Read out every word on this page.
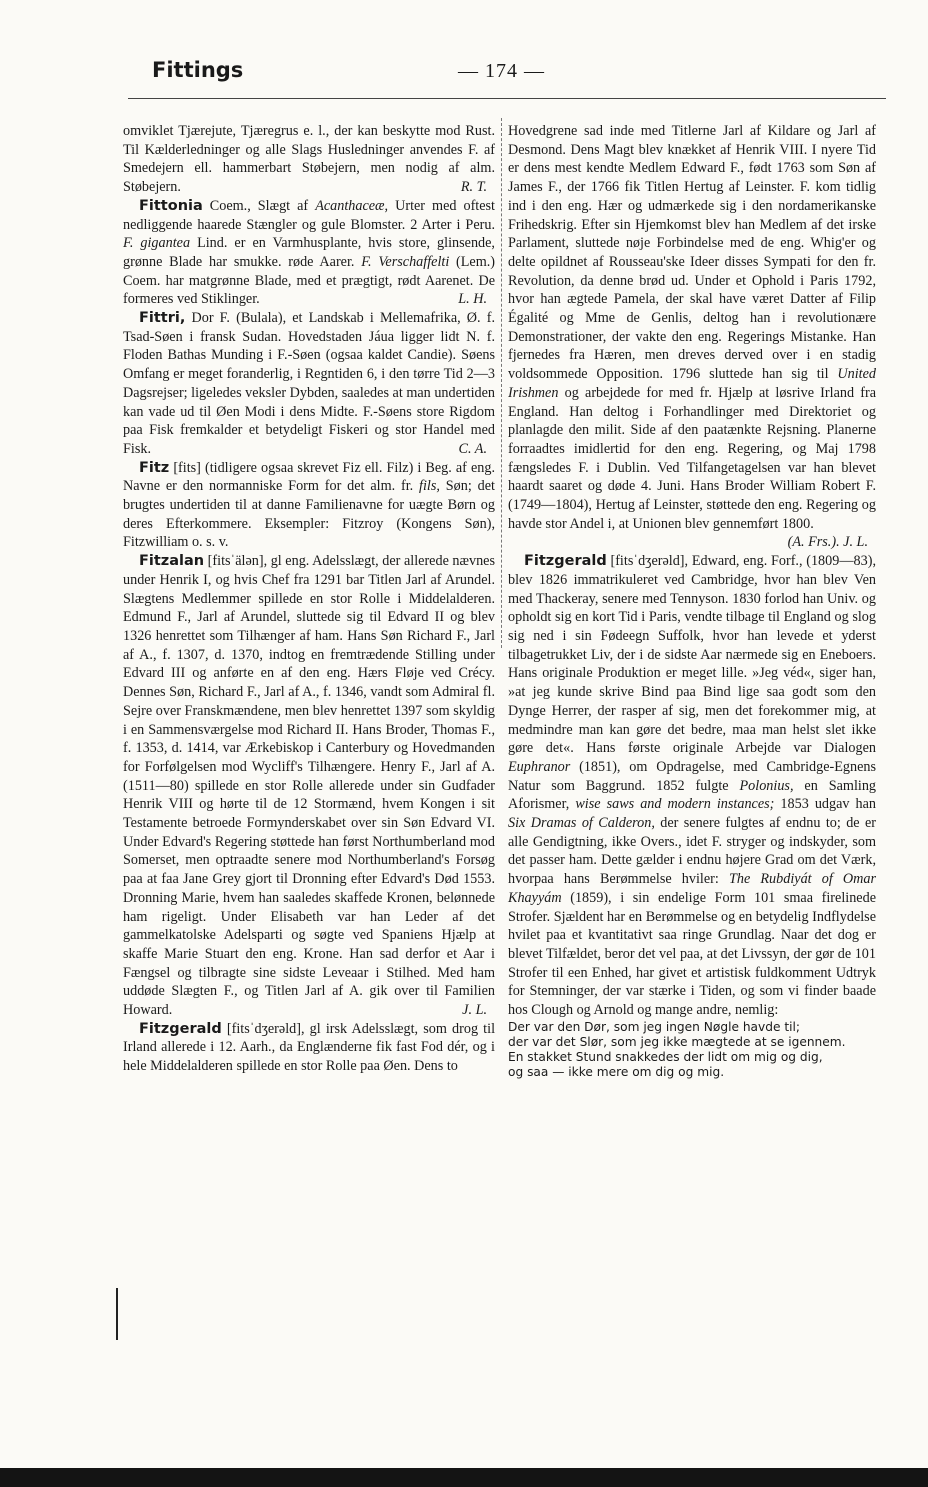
Fittings	— 174 —

omviklet Tjærejute, Tjæregrus e. l., der kan beskytte mod Rust. Til Kælderledninger og alle Slags Husledninger anvendes F. af Smedejern ell. hammerbart Støbejern, men nodig af alm. Støbejern.	R. T.

Fittonia Coem., Slægt af Acanthaceæ, Urter med oftest nedliggende haarede Stængler og gule Blomster. 2 Arter i Peru. F. gigantea Lind. er en Varmhusplante, hvis store, glinsende, grønne Blade har smukke. røde Aarer. F. Verschaffelti (Lem.) Coem. har matgrønne Blade, med et prægtigt, rødt Aarenet. De formeres ved Stiklinger.	L. H.

Fittri, Dor F. (Bulala), et Landskab i Mellemafrika, Ø. f. Tsad-Søen i fransk Sudan. Hovedstaden Jáua ligger lidt N. f. Floden Bathas Munding i F.-Søen (ogsaa kaldet Candie). Søens Omfang er meget foranderlig, i Regntiden 6, i den tørre Tid 2—3 Dagsrejser; ligeledes veksler Dybden, saaledes at man undertiden kan vade ud til Øen Modi i dens Midte. F.-Søens store Rigdom paa Fisk fremkalder et betydeligt Fiskeri og stor Handel med Fisk.	C. A.

Fitz [fits] (tidligere ogsaa skrevet Fiz ell. Filz) i Beg. af eng. Navne er den normanniske Form for det alm. fr. fils, Søn; det brugtes undertiden til at danne Familienavne for uægte Børn og deres Efterkommere. Eksempler: Fitzroy (Kongens Søn), Fitzwilliam o. s. v.

Fitzalan [fitsˈälən], gl eng. Adelsslægt, der allerede nævnes under Henrik I, og hvis Chef fra 1291 bar Titlen Jarl af Arundel. Slægtens Medlemmer spillede en stor Rolle i Middelalderen. Edmund F., Jarl af Arundel, sluttede sig til Edvard II og blev 1326 henrettet som Tilhænger af ham. Hans Søn Richard F., Jarl af A., f. 1307, d. 1370, indtog en fremtrædende Stilling under Edvard III og anførte en af den eng. Hærs Fløje ved Crécy. Dennes Søn, Richard F., Jarl af A., f. 1346, vandt som Admiral fl. Sejre over Franskmændene, men blev henrettet 1397 som skyldig i en Sammensværgelse mod Richard II. Hans Broder, Thomas F., f. 1353, d. 1414, var Ærkebiskop i Canterbury og Hovedmanden for Forfølgelsen mod Wycliff's Tilhængere. Henry F., Jarl af A. (1511—80) spillede en stor Rolle allerede under sin Gudfader Henrik VIII og hørte til de 12 Stormænd, hvem Kongen i sit Testamente betroede Formynderskabet over sin Søn Edvard VI. Under Edvard's Regering støttede han først Northumberland mod Somerset, men optraadte senere mod Northumberland's Forsøg paa at faa Jane Grey gjort til Dronning efter Edvard's Død 1553. Dronning Marie, hvem han saaledes skaffede Kronen, belønnede ham rigeligt. Under Elisabeth var han Leder af det gammelkatolske Adelsparti og søgte ved Spaniens Hjælp at skaffe Marie Stuart den eng. Krone. Han sad derfor et Aar i Fængsel og tilbragte sine sidste Leveaar i Stilhed. Med ham uddøde Slægten F., og Titlen Jarl af A. gik over til Familien Howard.	J. L.

Fitzgerald [fitsˈdʒerəld], gl irsk Adelsslægt, som drog til Irland allerede i 12. Aarh., da Englænderne fik fast Fod dér, og i hele Middelalderen spillede en stor Rolle paa Øen. Dens to

Hovedgrene sad inde med Titlerne Jarl af Kildare og Jarl af Desmond. Dens Magt blev knækket af Henrik VIII. I nyere Tid er dens mest kendte Medlem Edward F., født 1763 som Søn af James F., der 1766 fik Titlen Hertug af Leinster. F. kom tidlig ind i den eng. Hær og udmærkede sig i den nordamerikanske Frihedskrig. Efter sin Hjemkomst blev han Medlem af det irske Parlament, sluttede nøje Forbindelse med de eng. Whig'er og delte opildnet af Rousseau'ske Ideer disses Sympati for den fr. Revolution, da denne brød ud. Under et Ophold i Paris 1792, hvor han ægtede Pamela, der skal have været Datter af Filip Égalité og Mme de Genlis, deltog han i revolutionære Demonstrationer, der vakte den eng. Regerings Mistanke. Han fjernedes fra Hæren, men dreves derved over i en stadig voldsommede Opposition. 1796 sluttede han sig til United Irishmen og arbejdede for med fr. Hjælp at løsrive Irland fra England. Han deltog i Forhandlinger med Direktoriet og planlagde den milit. Side af den paatænkte Rejsning. Planerne forraadtes imidlertid for den eng. Regering, og Maj 1798 fængsledes F. i Dublin. Ved Tilfangetagelsen var han blevet haardt saaret og døde 4. Juni. Hans Broder William Robert F. (1749—1804), Hertug af Leinster, støttede den eng. Regering og havde stor Andel i, at Unionen blev gennemført 1800.

(A. Frs.). J. L.

Fitzgerald [fitsˈdʒerəld], Edward, eng. Forf., (1809—83), blev 1826 immatrikuleret ved Cambridge, hvor han blev Ven med Thackeray, senere med Tennyson. 1830 forlod han Univ. og opholdt sig en kort Tid i Paris, vendte tilbage til England og slog sig ned i sin Fødeegn Suffolk, hvor han levede et yderst tilbagetrukket Liv, der i de sidste Aar nærmede sig en Eneboers. Hans originale Produktion er meget lille. »Jeg véd«, siger han, »at jeg kunde skrive Bind paa Bind lige saa godt som den Dynge Herrer, der rasper af sig, men det forekommer mig, at medmindre man kan gøre det bedre, maa man helst slet ikke gøre det«. Hans første originale Arbejde var Dialogen Euphranor (1851), om Opdragelse, med Cambridge-Egnens Natur som Baggrund. 1852 fulgte Polonius, en Samling Aforismer, wise saws and modern instances; 1853 udgav han Six Dramas of Calderon, der senere fulgtes af endnu to; de er alle Gendigtning, ikke Overs., idet F. stryger og indskyder, som det passer ham. Dette gælder i endnu højere Grad om det Værk, hvorpaa hans Berømmelse hviler: The Rubdiyát of Omar Khayyám (1859), i sin endelige Form 101 smaa firelinede Strofer. Sjældent har en Berømmelse og en betydelig Indflydelse hvilet paa et kvantitativt saa ringe Grundlag. Naar det dog er blevet Tilfældet, beror det vel paa, at det Livssyn, der gør de 101 Strofer til een Enhed, har givet et artistisk fuldkomment Udtryk for Stemninger, der var stærke i Tiden, og som vi finder baade hos Clough og Arnold og mange andre, nemlig:

Der var den Dør, som jeg ingen Nøgle havde til;
der var det Slør, som jeg ikke mægtede at se igennem.
En stakket Stund snakkedes der lidt om mig og dig,
og saa — ikke mere om dig og mig.
